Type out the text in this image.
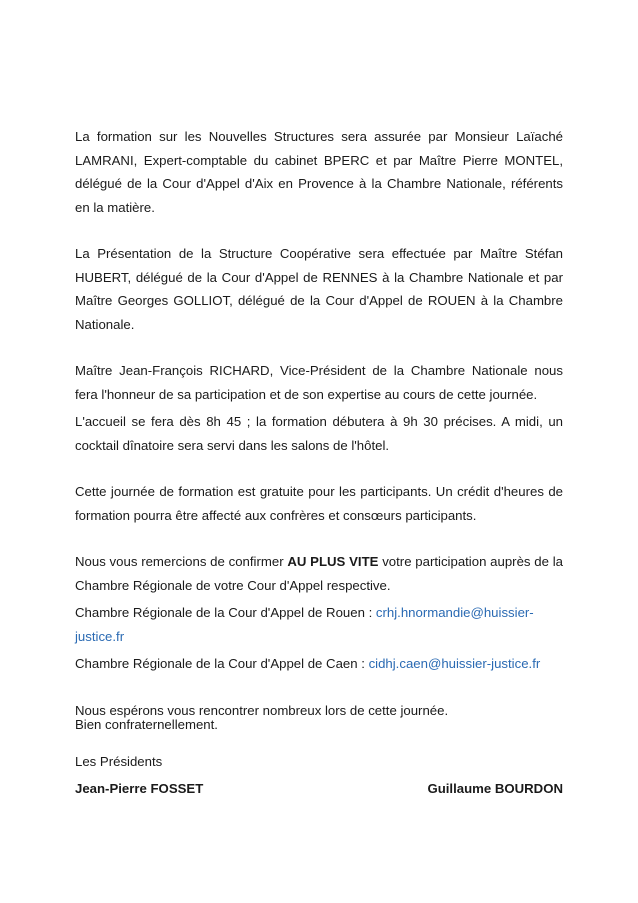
La formation sur les Nouvelles Structures sera assurée par Monsieur Laïaché LAMRANI, Expert-comptable du cabinet BPERC et par Maître Pierre MONTEL, délégué de la Cour d'Appel d'Aix en Provence à la Chambre Nationale, référents en la matière.

La Présentation de la Structure Coopérative sera effectuée par Maître Stéfan HUBERT, délégué de la Cour d'Appel de RENNES à la Chambre Nationale et par Maître Georges GOLLIOT, délégué de la Cour d'Appel de ROUEN à la Chambre Nationale.

Maître Jean-François RICHARD, Vice-Président de la Chambre Nationale nous fera l'honneur de sa participation et de son expertise au cours de cette journée.

L'accueil se fera dès 8h 45 ; la formation débutera à 9h 30 précises. A midi, un cocktail dînatoire sera servi dans les salons de l'hôtel.

Cette journée de formation est gratuite pour les participants. Un crédit d'heures de formation pourra être affecté aux confrères et consœurs participants.

Nous vous remercions de confirmer AU PLUS VITE votre participation auprès de la Chambre Régionale de votre Cour d'Appel respective.

Chambre Régionale de la Cour d'Appel de Rouen : crhj.hnormandie@huissier-justice.fr

Chambre Régionale de la Cour d'Appel de Caen : cidhj.caen@huissier-justice.fr

Nous espérons vous rencontrer nombreux lors de cette journée.

Bien confraternellement.

Les Présidents

Jean-Pierre FOSSET	Guillaume BOURDON
